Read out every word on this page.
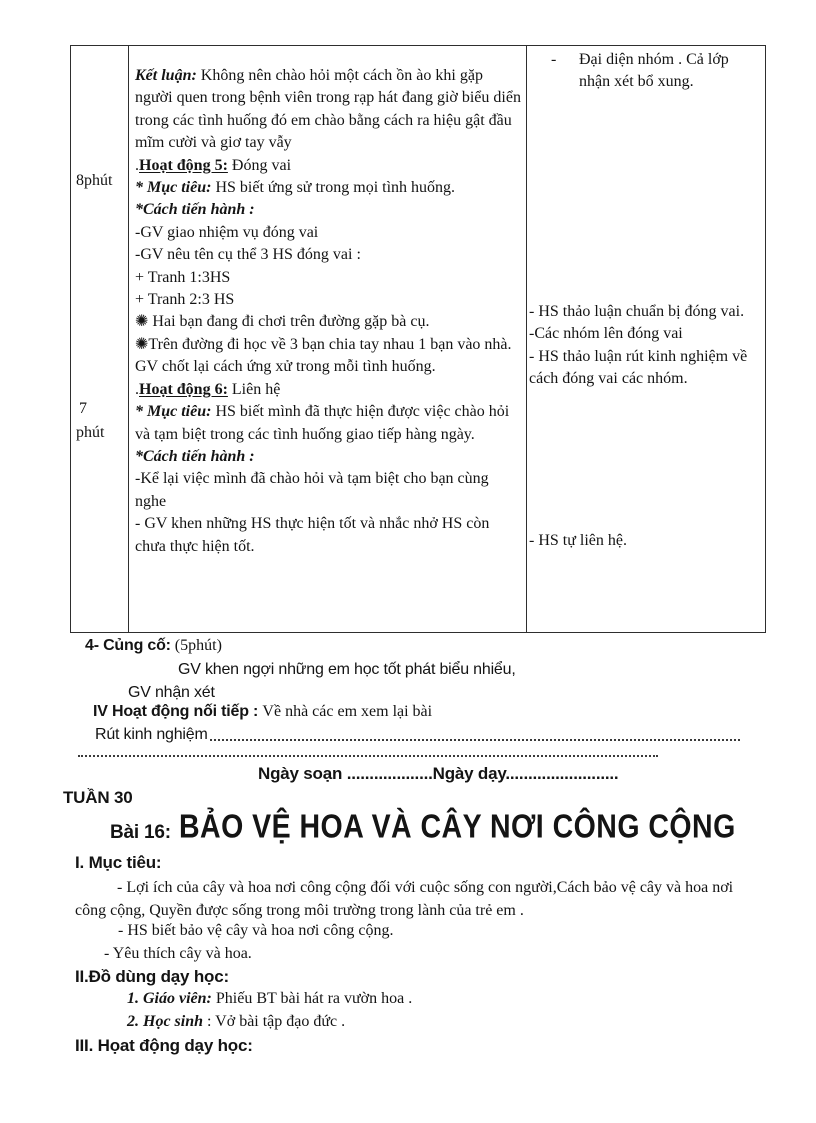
8phút
7
phút

Kết luận: Không nên chào hỏi một cách ồn ào khi gặp người quen trong bệnh viên trong rạp hát đang giờ biểu diển trong các tình huống đó em chào bằng cách ra hiệu gật đầu mĩm cười và giơ tay vẫy

.Hoạt động 5: Đóng vai

* Mục tiêu: HS biết ứng sử trong mọi tình huống.

*Cách tiến hành :

-GV giao nhiệm vụ đóng vai

-GV nêu tên cụ thể 3 HS đóng vai :

+ Tranh 1:3HS

+ Tranh 2:3 HS

✺ Hai bạn đang đi chơi trên đường gặp bà cụ.

✺Trên đường đi học về 3 bạn chia tay nhau 1 bạn vào nhà.

GV chốt lại cách ứng xử trong mỗi tình huống.

.Hoạt động 6: Liên hệ

* Mục tiêu: HS biết mình đã thực hiện được việc chào hỏi và tạm biệt trong các tình huống giao tiếp hàng ngày.

*Cách tiến hành :

-Kể lại việc mình đã chào hỏi và tạm biệt cho bạn cùng nghe

- GV khen những HS thực hiện tốt và nhắc nhở HS còn chưa thực hiện tốt.

- Đại diện nhóm . Cả lớp nhận xét bổ xung.

- HS thảo luận chuẩn bị đóng vai.

-Các nhóm lên đóng vai

- HS thảo luận rút kinh nghiệm về cách đóng vai các nhóm.

- HS tự liên hệ.
4- Củng cố: (5phút)
GV khen ngợi những em học tốt phát biểu nhiểu,
GV nhận xét
IV Hoạt động nối tiếp : Về nhà các em xem lại bài
Rút kinh nghiệm
Ngày soạn ...................Ngày dạy.........................
TUẦN 30
Bài 16: BẢO VỆ HOA VÀ CÂY NƠI CÔNG CỘNG
I. Mục tiêu:
- Lợi ích của cây và hoa nơi công cộng đối với cuộc sống con người,Cách bảo vệ cây và hoa nơi công cộng, Quyền được sống trong môi trường trong lành của trẻ em .
- HS biết bảo vệ cây và hoa nơi công cộng.
- Yêu thích cây và hoa.
II.Đồ dùng dạy học:
1. Giáo viên: Phiếu BT bài hát ra vườn hoa .
2. Học sinh : Vở bài tập đạo đức .
III. Họat động dạy học:
